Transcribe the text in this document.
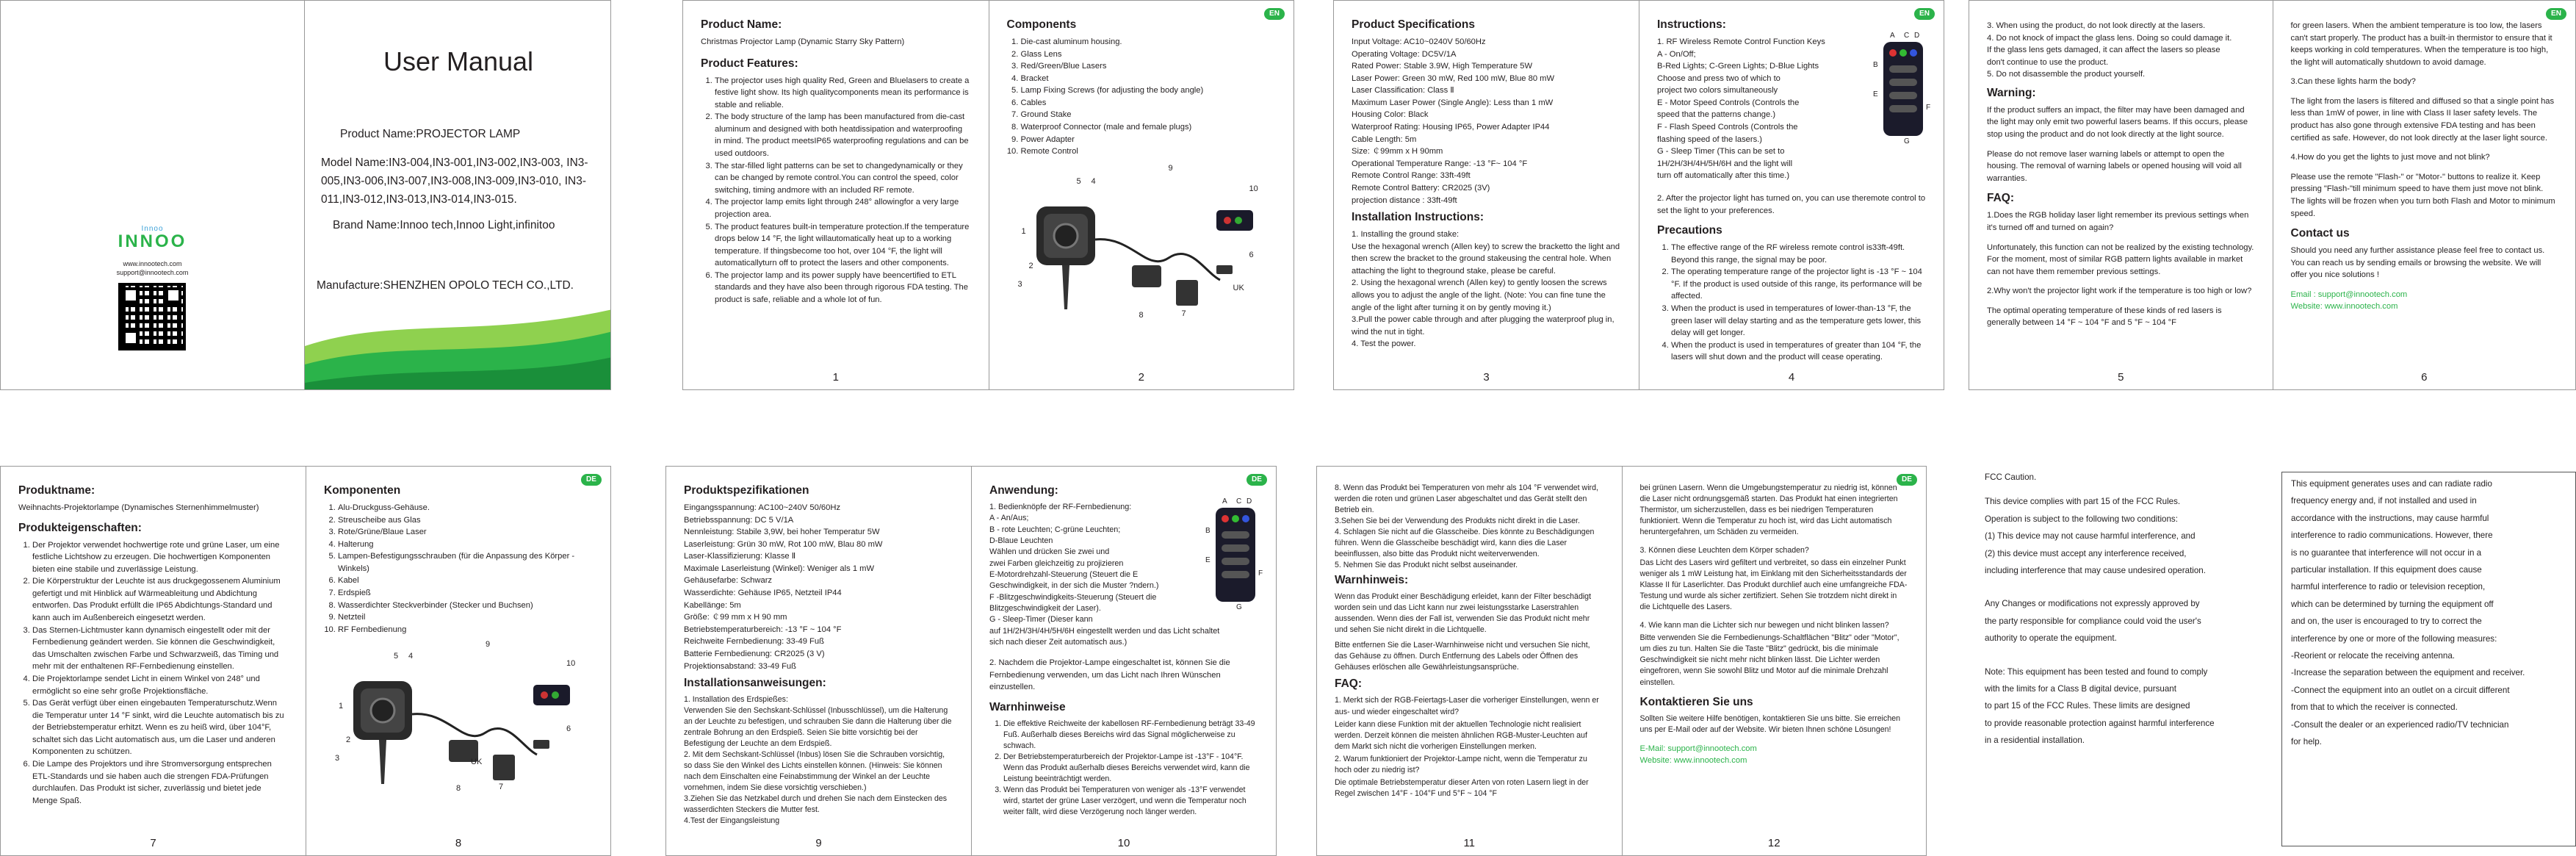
Innoo
INNOO
www.innootech.com
support@innootech.com
User Manual
Product Name:PROJECTOR LAMP
Model Name:IN3-004,IN3-001,IN3-002,IN3-003, IN3-005,IN3-006,IN3-007,IN3-008,IN3-009,IN3-010, IN3-011,IN3-012,IN3-013,IN3-014,IN3-015.
Brand Name:Innoo tech,Innoo Light,infinitoo
Manufacture:SHENZHEN OPOLO TECH CO.,LTD.
EN
Product Name:
Christmas Projector Lamp (Dynamic Starry Sky Pattern)
Product Features:
1. The projector uses high quality Red, Green and Bluelasers to create a festive light show. Its high qualitycomponents mean its performance is stable and reliable.
2. The body structure of the lamp has been manufactured from die-cast aluminum and designed with both heatdissipation and waterproofing in mind. The product meetsIP65 waterproofing regulations and can be used outdoors.
3. The star-filled light patterns can be set to changedynamically or they can be changed by remote control.You can control the speed, color switching, timing andmore with an included RF remote.
4. The projector lamp emits light through 248° allowingfor a very large projection area.
5. The product features built-in temperature protection.If the temperature drops below 14 °F, the light willautomatically heat up to a working temperature. If thingsbecome too hot, over 104 °F, the light will automaticallyturn off to protect the lasers and other components.
6. The projector lamp and its power supply have beencertified to ETL standards and they have also been through rigorous FDA testing. The product is safe, reliable and a whole lot of fun.
1
Components
1. Die-cast aluminum housing.
2. Glass Lens
3. Red/Green/Blue Lasers
4. Bracket
5. Lamp Fixing Screws (for adjusting the body angle)
6. Cables
7. Ground Stake
8. Waterproof Connector (male and female plugs)
9. Power Adapter
10. Remote Control
1
2
3
4
5
6
7
8
9
10
UK
2
EN
Product Specifications
Input Voltage: AC10~0240V 50/60Hz
Operating Voltage: DC5V/1A
Rated Power: Stable 3.9W, High Temperature 5W
Laser Power: Green 30 mW, Red 100 mW, Blue 80 mW
Laser Classification: Class Ⅱ
Maximum Laser Power (Single Angle): Less than 1 mW
Housing Color: Black
Waterproof Rating: Housing IP65, Power Adapter IP44
Cable Length: 5m
Size: ￠99mm x H 90mm
Operational Temperature Range: -13 °F~ 104 °F
Remote Control Range: 33ft-49ft
Remote Control Battery: CR2025 (3V)
projection distance : 33ft-49ft
Installation Instructions:
1. Installing the ground stake:
Use the hexagonal wrench (Allen key) to screw the bracketto the light and then screw the bracket to the ground stakeusing the central hole. When attaching the light to theground stake, please be careful.
2. Using the hexagonal wrench (Allen key) to gently loosen the screws allows you to adjust the angle of the light. (Note: You can fine tune the angle of the light after turning it on by gently moving it.)
3.Pull the power cable through and after plugging the waterproof plug in, wind the nut in tight.
4. Test the power.
3
Instructions:
1. RF Wireless Remote Control Function Keys
A - On/Off;
B-Red Lights; C-Green Lights; D-Blue Lights
Choose and press two of which to
project two colors simultaneously
E - Motor Speed Controls (Controls the
speed that the patterns change.)
F - Flash Speed Controls (Controls the
flashing speed of the lasers.)
G - Sleep Timer (This can be set to
1H/2H/3H/4H/5H/6H and the light will
turn off automatically after this time.)
A C D
B
E
F
G

2. After the projector light has turned on, you can use theremote control to set the light to your preferences.

Precautions
1. The effective range of the RF wireless remote control is33ft-49ft. Beyond this range, the signal may be poor.
2. The operating temperature range of the projector light is -13 °F ~ 104 °F. If the product is used outside of this range, its performance will be affected.
3. When the product is used in temperatures of lower-than-13 °F, the green laser will delay starting and as the temperature gets lower, this delay will get longer.
4. When the product is used in temperatures of greater than 104 °F, the lasers will shut down and the product will cease operating.
4
EN
3. When using the product, do not look directly at the lasers.
4. Do not knock of impact the glass lens. Doing so could damage it.
If the glass lens gets damaged, it can affect the lasers so please
don't continue to use the product.
5. Do not disassemble the product yourself.
Warning:

If the product suffers an impact, the filter may have been damaged and the light may only emit two powerful lasers beams. If this occurs, please stop using the product and do not look directly at the light source.

Please do not remove laser warning labels or attempt to open the housing. The removal of warning labels or opened housing will void all warranties.

FAQ:

1.Does the RGB holiday laser light remember its previous settings when it's turned off and turned on again?

Unfortunately, this function can not be realized by the existing technology. For the moment, most of similar RGB pattern lights available in market can not have them remember previous settings.

2.Why won't the projector light work if the temperature is too high or low?

The optimal operating temperature of these kinds of red lasers is generally between 14 °F ~ 104 °F and 5 °F ~ 104 °F

5

for green lasers. When the ambient temperature is too low, the lasers can't start properly. The product has a built-in thermistor to ensure that it keeps working in cold temperatures. When the temperature is too high, the light will automatically shutdown to avoid damage.

3.Can these lights harm the body?

The light from the lasers is filtered and diffused so that a single point has less than 1mW of power, in line with Class II laser safety levels. The product has also gone through extensive FDA testing and has been certified as safe. However, do not look directly at the laser light source.

4.How do you get the lights to just move and not blink?

Please use the remote "Flash-" or "Motor-" buttons to realize it. Keep pressing "Flash-"till minimum speed to have them just move not blink. The lights will be frozen when you turn both Flash and Motor to minimum speed.

Contact us

Should you need any further assistance please feel free to contact us. You can reach us by sending emails or browsing the website. We will offer you nice solutions !

Email : support@innootech.com
Website: www.innootech.com
6
DE
Produktname:
Weihnachts-Projektorlampe (Dynamisches Sternenhimmelmuster)
Produkteigenschaften:
1. Der Projektor verwendet hochwertige rote und grüne Laser, um eine festliche Lichtshow zu erzeugen. Die hochwertigen Komponenten bieten eine stabile und zuverlässige Leistung.
2. Die Körperstruktur der Leuchte ist aus druckgegossenem Aluminium gefertigt und mit Hinblick auf Wärmeableitung und Abdichtung entworfen. Das Produkt erfüllt die IP65 Abdichtungs-Standard und kann auch im Außenbereich eingesetzt werden.
3. Das Sternen-Lichtmuster kann dynamisch eingestellt oder mit der Fernbedienung geändert werden. Sie können die Geschwindigkeit, das Umschalten zwischen Farbe und Schwarzweiß, das Timing und mehr mit der enthaltenen RF-Fernbedienung einstellen.
4. Die Projektorlampe sendet Licht in einem Winkel von 248° und ermöglicht so eine sehr große Projektionsfläche.
5. Das Gerät verfügt über einen eingebauten Temperaturschutz.Wenn die Temperatur unter 14 °F sinkt, wird die Leuchte automatisch bis zu der Betriebstemperatur erhitzt. Wenn es zu heiß wird, über 104°F, schaltet sich das Licht automatisch aus, um die Laser und anderen Komponenten zu schützen.
6. Die Lampe des Projektors und ihre Stromversorgung entsprechen ETL-Standards und sie haben auch die strengen FDA-Prüfungen durchlaufen. Das Produkt ist sicher, zuverlässig und bietet jede Menge Spaß.
7
Komponenten
1. Alu-Druckguss-Gehäuse.
2. Streuscheibe aus Glas
3. Rote/Grüne/Blaue Laser
4. Halterung
5. Lampen-Befestigungsschrauben (für die Anpassung des Körper -Winkels)
6. Kabel
7. Erdspieß
8. Wasserdichter Steckverbinder (Stecker und Buchsen)
9. Netzteil
10. RF Fernbedienung
1
2
3
4
5
6
7
8
9
10
UK
8
DE
Produktspezifikationen
Eingangsspannung: AC100~240V 50/60Hz
Betriebsspannung: DC 5 V/1A
Nennleistung: Stabile 3,9W, bei hoher Temperatur 5W
Laserleistung: Grün 30 mW, Rot 100 mW, Blau 80 mW
Laser-Klassifizierung: Klasse Ⅱ
Maximale Laserleistung (Winkel): Weniger als 1 mW
Gehäusefarbe: Schwarz
Wasserdichte: Gehäuse IP65, Netzteil IP44
Kabellänge: 5m
Größe: ￠99 mm x H 90 mm
Betriebstemperaturbereich: -13 °F ~ 104 °F
Reichweite Fernbedienung: 33-49 Fuß
Batterie Fernbedienung: CR2025 (3 V)
Projektionsabstand: 33-49 Fuß
Installationsanweisungen:
1. Installation des Erdspießes:
Verwenden Sie den Sechskant-Schlüssel (Inbusschlüssel), um die Halterung an der Leuchte zu befestigen, und schrauben Sie dann die Halterung über die zentrale Bohrung an den Erdspieß. Seien Sie bitte vorsichtig bei der Befestigung der Leuchte an dem Erdspieß.
2. Mit dem Sechskant-Schlüssel (Inbus) lösen Sie die Schrauben vorsichtig, so dass Sie den Winkel des Lichts einstellen können. (Hinweis: Sie können nach dem Einschalten eine Feinabstimmung der Winkel an der Leuchte vornehmen, indem Sie diese vorsichtig verschieben.)
3.Ziehen Sie das Netzkabel durch und drehen Sie nach dem Einstecken des wasserdichten Steckers die Mutter fest.
4.Test der Eingangsleistung
9
Anwendung:
1. Bedienknöpfe der RF-Fernbedienung:
A - An/Aus;
B - rote Leuchten; C-grüne Leuchten;
D-Blaue Leuchten
Wählen und drücken Sie zwei und
zwei Farben gleichzeitig zu projizieren
E-Motordrehzahl-Steuerung (Steuert die E
Geschwindigkeit, in der sich die Muster ?ndern.)
F -Blitzgeschwindigkeits-Steuerung (Steuert die
Blitzgeschwindigkeit der Laser).
G - Sleep-Timer (Dieser kann
auf 1H/2H/3H/4H/5H/6H eingestellt werden und das Licht schaltet
sich nach dieser Zeit automatisch aus.)
A C D
B
E
F
G

2. Nachdem die Projektor-Lampe eingeschaltet ist, können Sie die Fernbedienung verwenden, um das Licht nach Ihren Wünschen einzustellen.

Warnhinweise
1. Die effektive Reichweite der kabellosen RF-Fernbedienung beträgt 33-49 Fuß. Außerhalb dieses Bereichs wird das Signal möglicherweise zu schwach.
2. Der Betriebstemperaturbereich der Projektor-Lampe ist -13°F - 104°F. Wenn das Produkt außerhalb dieses Bereichs verwendet wird, kann die Leistung beeinträchtigt werden.
3. Wenn das Produkt bei Temperaturen von weniger als -13°F verwendet wird, startet der grüne Laser verzögert, und wenn die Temperatur noch weiter fällt, wird diese Verzögerung noch länger werden.
10
DE
8. Wenn das Produkt bei Temperaturen von mehr als 104 °F verwendet wird, werden die roten und grünen Laser abgeschaltet und das Gerät stellt den Betrieb ein.
3.Sehen Sie bei der Verwendung des Produkts nicht direkt in die Laser.
4. Schlagen Sie nicht auf die Glasscheibe. Dies könnte zu Beschädigungen führen. Wenn die Glasscheibe beschädigt wird, kann dies die Laser beeinflussen, also bitte das Produkt nicht weiterverwenden.
5. Nehmen Sie das Produkt nicht selbst auseinander.
Warnhinweis:

Wenn das Produkt einer Beschädigung erleidet, kann der Filter beschädigt worden sein und das Licht kann nur zwei leistungsstarke Laserstrahlen aussenden. Wenn dies der Fall ist, verwenden Sie das Produkt nicht mehr und sehen Sie nicht direkt in die Lichtquelle.

Bitte entfernen Sie die Laser-Warnhinweise nicht und versuchen Sie nicht, das Gehäuse zu öffnen. Durch Entfernung des Labels oder Öffnen des Gehäuses erlöschen alle Gewährleistungsansprüche.

FAQ:

1. Merkt sich der RGB-Feiertags-Laser die vorheriger Einstellungen, wenn er aus- und wieder eingeschaltet wird?

Leider kann diese Funktion mit der aktuellen Technologie nicht realisiert werden. Derzeit können die meisten ähnlichen RGB-Muster-Leuchten auf dem Markt sich nicht die vorherigen Einstellungen merken.

2. Warum funktioniert der Projektor-Lampe nicht, wenn die Temperatur zu hoch oder zu niedrig ist?

Die optimale Betriebstemperatur dieser Arten von roten Lasern liegt in der Regel zwischen 14°F - 104°F und 5°F ~ 104 °F

11

bei grünen Lasern. Wenn die Umgebungstemperatur zu niedrig ist, können die Laser nicht ordnungsgemäß starten. Das Produkt hat einen integrierten Thermistor, um sicherzustellen, dass es bei niedrigen Temperaturen funktioniert. Wenn die Temperatur zu hoch ist, wird das Licht automatisch heruntergefahren, um Schäden zu vermeiden.

3. Können diese Leuchten dem Körper schaden?

Das Licht des Lasers wird gefiltert und verbreitet, so dass ein einzelner Punkt weniger als 1 mW Leistung hat, im Einklang mit den Sicherheitsstandards der Klasse II für Laserlichter. Das Produkt durchlief auch eine umfangreiche FDA-Testung und wurde als sicher zertifiziert. Sehen Sie trotzdem nicht direkt in die Lichtquelle des Lasers.

4. Wie kann man die Lichter sich nur bewegen und nicht blinken lassen?

Bitte verwenden Sie die Fernbedienungs-Schaltflächen "Blitz" oder "Motor", um dies zu tun. Halten Sie die Taste "Blitz" gedrückt, bis die minimale Geschwindigkeit sie nicht mehr nicht blinken lässt. Die Lichter werden eingefroren, wenn Sie sowohl Blitz und Motor auf die minimale Drehzahl einstellen.

Kontaktieren Sie uns

Sollten Sie weitere Hilfe benötigen, kontaktieren Sie uns bitte. Sie erreichen uns per E-Mail oder auf der Website. Wir bieten Ihnen schöne Lösungen!

E-Mail: support@innootech.com
Website: www.innootech.com
12
FCC Caution.
This device complies with part 15 of the FCC Rules.
Operation is subject to the following two conditions:
(1) This device may not cause harmful interference, and
(2) this device must accept any interference received,
including interference that may cause undesired operation.
Any Changes or modifications not expressly approved by
the party responsible for compliance could void the user's
authority to operate the equipment.
Note: This equipment has been tested and found to comply
with the limits for a Class B digital device, pursuant
to part 15 of the FCC Rules. These limits are designed
to provide reasonable protection against harmful interference
in a residential installation.
This equipment generates uses and can radiate radio
frequency energy and, if not installed and used in
accordance with the instructions, may cause harmful
interference to radio communications. However, there
is no guarantee that interference will not occur in a
particular installation. If this equipment does cause
harmful interference to radio or television reception,
which can be determined by turning the equipment off
and on, the user is encouraged to try to correct the
interference by one or more of the following measures:
-Reorient or relocate the receiving antenna.
-Increase the separation between the equipment and receiver.
-Connect the equipment into an outlet on a circuit different
from that to which the receiver is connected.
-Consult the dealer or an experienced radio/TV technician
for help.
